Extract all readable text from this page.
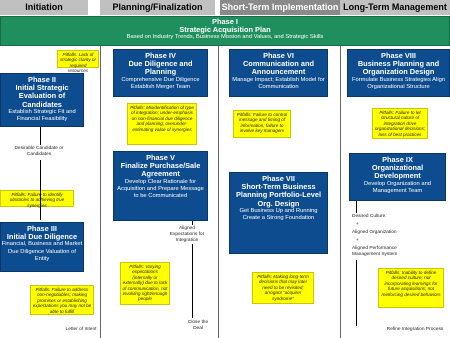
Initiation	Planning/Finalization	Short-Term Implementation Long-Term Management
Phase I
Strategic Acquisition Plan
Based on Industry Trends, Business Mission and Values, and Strategic Skills
Pitfalls: Lack of strategic clarity or required resources
Phase II
Initial Strategic Evaluation of Candidates
Establish Strategic Fit and Financial Feasibility
Desirable Candidate or Candidates
Pitfalls: Failure to identify obstacles to achieving true synergies
Phase III
Initial Due Diligence
Financial, Business and Market Due Diligence Valuation of Entity
Pitfalls: Failure to address non-negotiables; making promises or establishing expectations you may not be able to fulfill
Letter of Intent
Phase IV
Due Diligence and Planning
Comprehensive Due Diligence Establish Merger Team
Pitfalls: Misidentification of type of integration; under-emphasis on non-financial due diligence and planning; overunder-estimating value of synergies
Phase V
Finalize Purchase/Sale Agreement
Develop Clear Rationale for Acquisition and Prepare Message to be Communicated
Aligned Expectations for Integration
Pitfalls: Varying expectations (internally or externally) due to lack of communication, not involving right/enough people
Close the Deal
Phase VI
Communication and Announcement
Manage Impact; Establish Model for Communication
Pitfalls: Failure to control message and timing of information; failure to involve key managers
Phase VII
Short-Term Business Planning Portfolio-Level Org. Design
Get Business Up and Running
Create a Strong Foundation
Pitfalls: Making long-term decisions that may later need to be revisited; arrogant "acquirer syndrome"
Phase VIII
Business Planning and Organization Design
Formulate Business Strategies Align Organizational Structure
Pitfalls: Failure to let structural nature of integration drive organizational decisions; loss of best practices
Phase IX
Organizational Development
Develop Organization and Management Team
Desired Culture:
+
Aligned Organization
+
Aligned Performance Management System
Pitfalls: Inability to define desired culture; not incorporating learnings for future acquisitions; not reinforcing desired behaviors
Refine Integration Process
